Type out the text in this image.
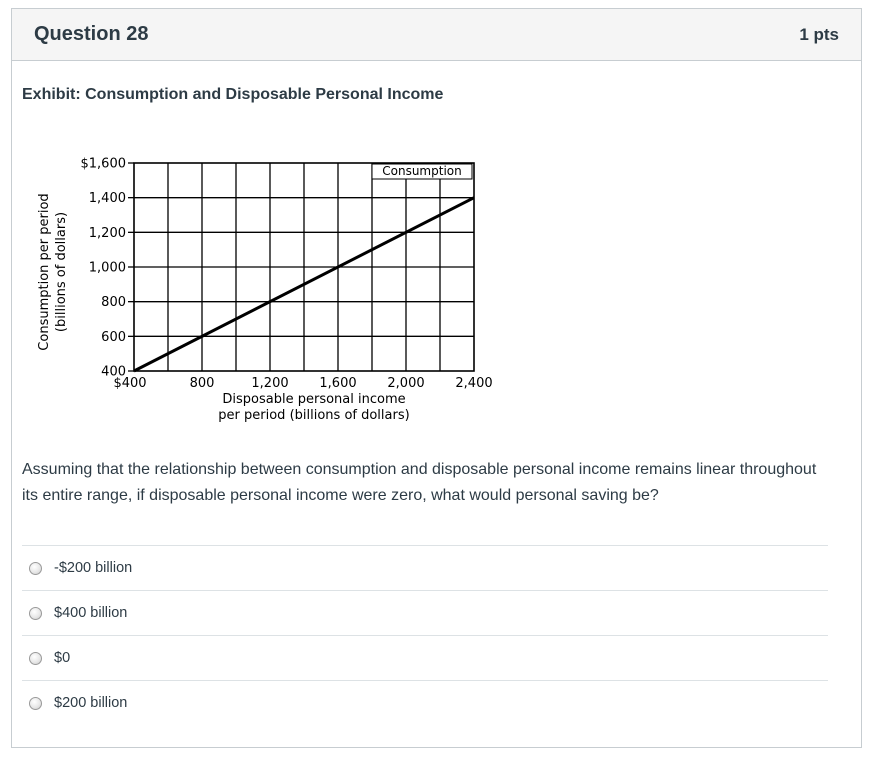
Question 28	1 pts
Exhibit: Consumption and Disposable Personal Income
400
600
800
1,000
1,200
1,400
$1,600
$400	800	1,200 1,600 2,000 2,400
Consumption
Disposable personal income
per period (billions of dollars)
Consumption per period (billions of dollars)
Assuming that the relationship between consumption and disposable personal income remains linear throughout its entire range, if disposable personal income were zero, what would personal saving be?
-$200 billion
$400 billion
$0
$200 billion
